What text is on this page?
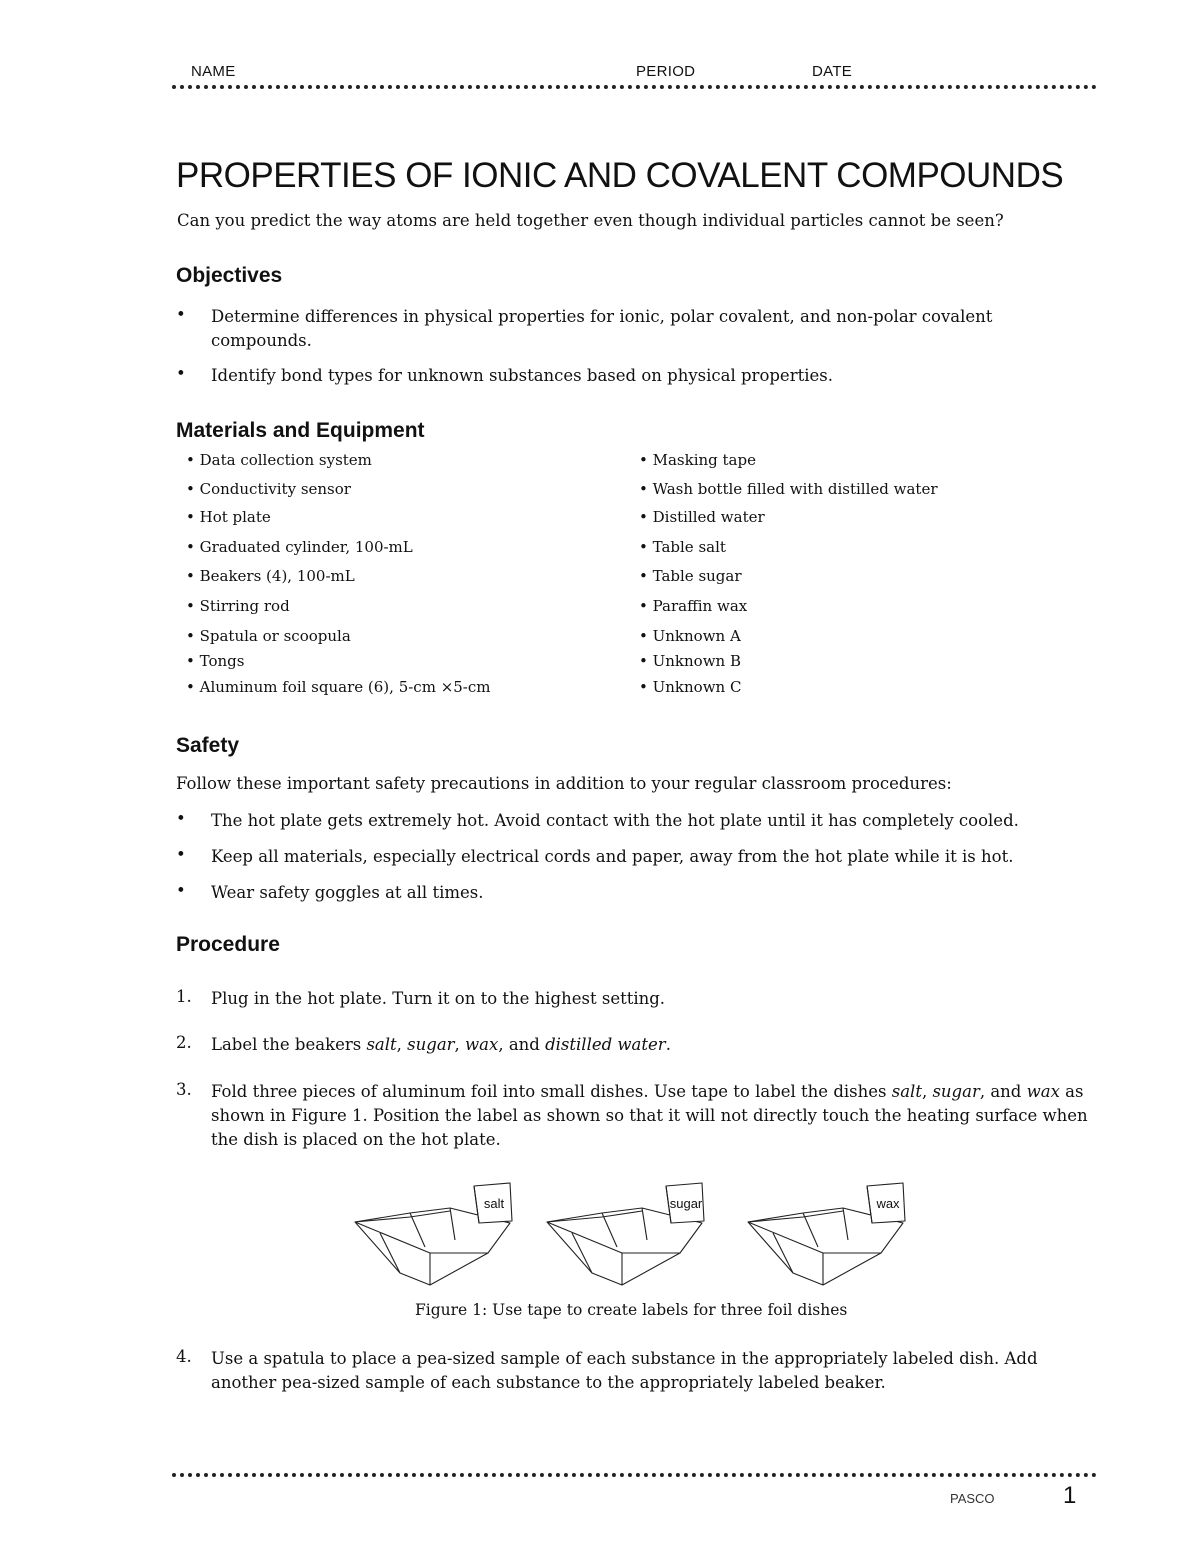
NAME	PERIOD	DATE
PROPERTIES OF IONIC AND COVALENT COMPOUNDS
Can you predict the way atoms are held together even though individual particles cannot be seen?
Objectives
• Determine differences in physical properties for ionic, polar covalent, and non-polar covalent compounds.
• Identify bond types for unknown substances based on physical properties.
Materials and Equipment
• Data collection system
• Conductivity sensor
• Hot plate
• Graduated cylinder, 100-mL
• Beakers (4), 100-mL
• Stirring rod
• Spatula or scoopula
• Tongs
• Aluminum foil square (6), 5-cm ×5-cm
• Masking tape
• Wash bottle filled with distilled water
• Distilled water
• Table salt
• Table sugar
• Paraffin wax
• Unknown A
• Unknown B
• Unknown C
Safety
Follow these important safety precautions in addition to your regular classroom procedures:
• The hot plate gets extremely hot. Avoid contact with the hot plate until it has completely cooled.
• Keep all materials, especially electrical cords and paper, away from the hot plate while it is hot.
• Wear safety goggles at all times.
Procedure
1. Plug in the hot plate. Turn it on to the highest setting.
2. Label the beakers salt, sugar, wax, and distilled water.
3. Fold three pieces of aluminum foil into small dishes. Use tape to label the dishes salt, sugar, and wax as shown in Figure 1. Position the label as shown so that it will not directly touch the heating surface when the dish is placed on the hot plate.
salt	sugar	wax
Figure 1: Use tape to create labels for three foil dishes
4. Use a spatula to place a pea-sized sample of each substance in the appropriately labeled dish. Add another pea-sized sample of each substance to the appropriately labeled beaker.
PASCO	1
